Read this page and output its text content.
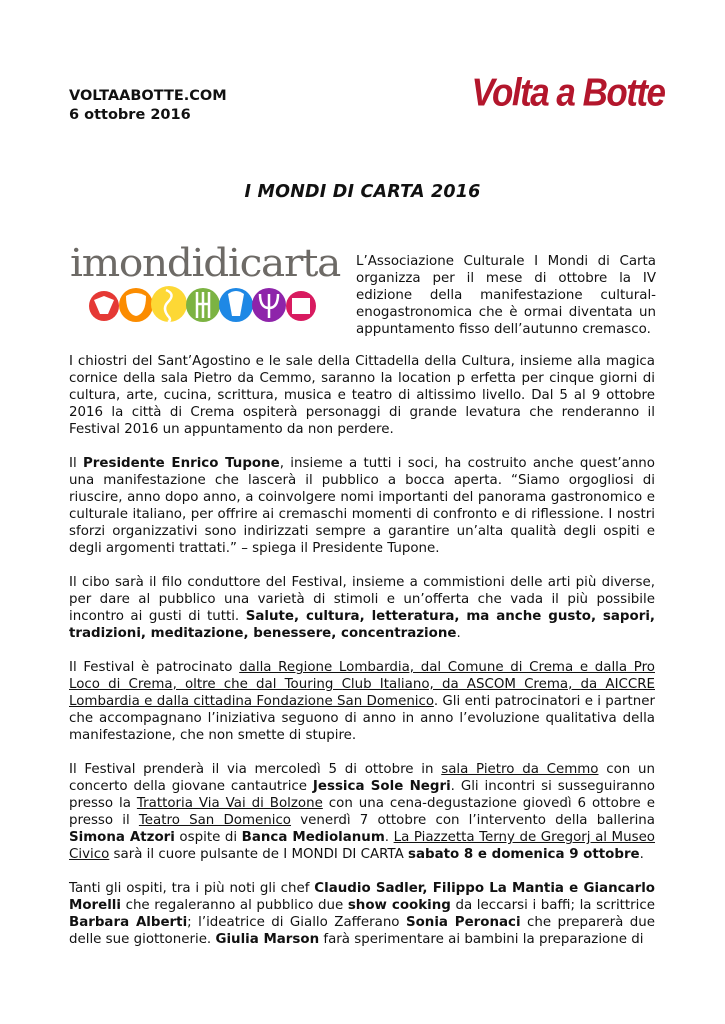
VOLTAABOTTE.COM
6 ottobre 2016
Volta a Botte
I MONDI DI CARTA 2016
imondidicarta L’Associazione Culturale I Mondi di Carta organizza per il mese di ottobre la IV edizione della manifestazione cultural-enogastronomica che è ormai diventata un appuntamento fisso dell’autunno cremasco.

I chiostri del Sant’Agostino e le sale della Cittadella della Cultura, insieme alla magica cornice della sala Pietro da Cemmo, saranno la location p erfetta per cinque giorni di cultura, arte, cucina, scrittura, musica e teatro di altissimo livello. Dal 5 al 9 ottobre 2016 la città di Crema ospiterà personaggi di grande levatura che renderanno il Festival 2016 un appuntamento da non perdere.

Il Presidente Enrico Tupone, insieme a tutti i soci, ha costruito anche quest’anno una manifestazione che lascerà il pubblico a bocca aperta. “Siamo orgogliosi di riuscire, anno dopo anno, a coinvolgere nomi importanti del panorama gastronomico e culturale italiano, per offrire ai cremaschi momenti di confronto e di riflessione. I nostri sforzi organizzativi sono indirizzati sempre a garantire un’alta qualità degli ospiti e degli argomenti trattati.” – spiega il Presidente Tupone.

Il cibo sarà il filo conduttore del Festival, insieme a commistioni delle arti più diverse, per dare al pubblico una varietà di stimoli e un’offerta che vada il più possibile incontro ai gusti di tutti. Salute, cultura, letteratura, ma anche gusto, sapori, tradizioni, meditazione, benessere, concentrazione.

Il Festival è patrocinato dalla Regione Lombardia, dal Comune di Crema e dalla Pro Loco di Crema, oltre che dal Touring Club Italiano, da ASCOM Crema, da AICCRE Lombardia e dalla cittadina Fondazione San Domenico. Gli enti patrocinatori e i partner che accompagnano l’iniziativa seguono di anno in anno l’evoluzione qualitativa della manifestazione, che non smette di stupire.

Il Festival prenderà il via mercoledì 5 di ottobre in sala Pietro da Cemmo con un concerto della giovane cantautrice Jessica Sole Negri. Gli incontri si susseguiranno presso la Trattoria Via Vai di Bolzone con una cena-degustazione giovedì 6 ottobre e presso il Teatro San Domenico venerdì 7 ottobre con l’intervento della ballerina Simona Atzori ospite di Banca Mediolanum. La Piazzetta Terny de Gregorj al Museo Civico sarà il cuore pulsante de I MONDI DI CARTA sabato 8 e domenica 9 ottobre.

Tanti gli ospiti, tra i più noti gli chef Claudio Sadler, Filippo La Mantia e Giancarlo Morelli che regaleranno al pubblico due show cooking da leccarsi i baffi; la scrittrice Barbara Alberti; l’ideatrice di Giallo Zafferano Sonia Peronaci che preparerà due delle sue giottonerie. Giulia Marson farà sperimentare ai bambini la preparazione di
